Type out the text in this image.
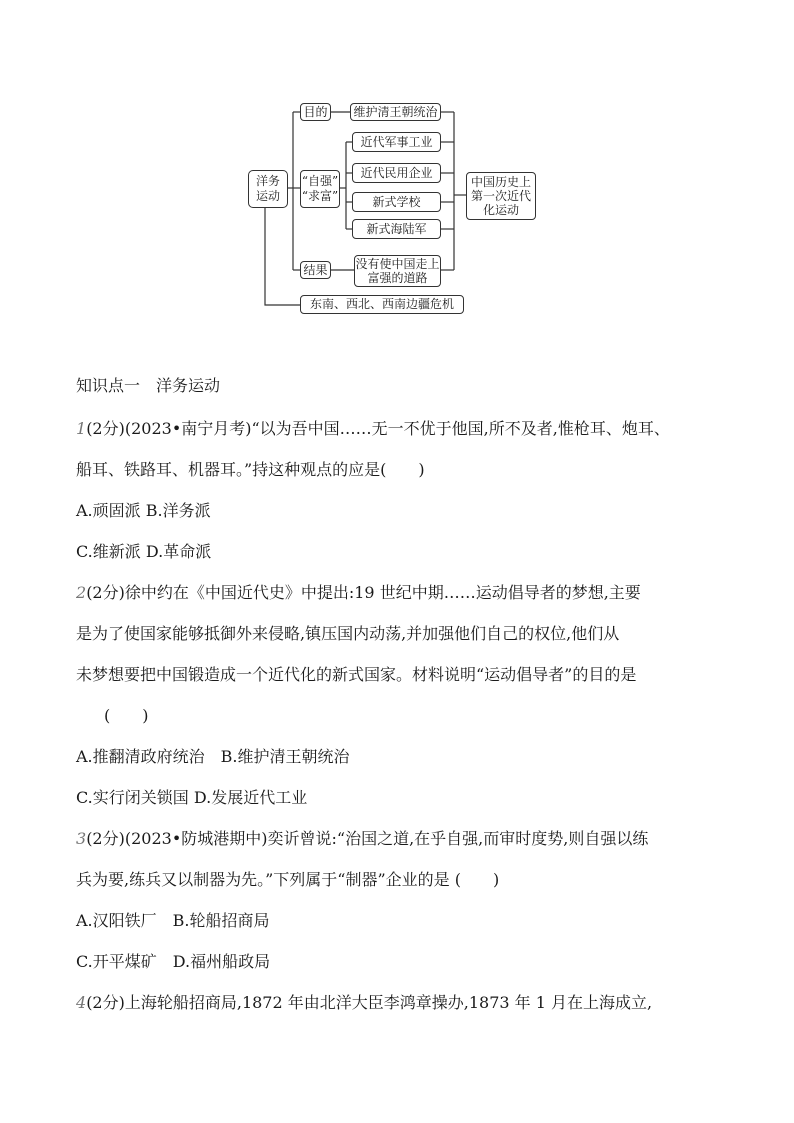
洋务
运动
目的
“自强”
“求富”
结果
维护清王朝统治
近代军事工业
近代民用企业
新式学校
新式海陆军
没有使中国走上
富强的道路
中国历史上
第一次近代
化运动
东南、西北、西南边疆危机
知识点一　洋务运动
1(2分)(2023•南宁月考)“以为吾中国……无一不优于他国,所不及者,惟枪耳、炮耳、
船耳、铁路耳、机器耳。”持这种观点的应是(　　)
A.顽固派 B.洋务派
C.维新派 D.革命派
2(2分)徐中约在《中国近代史》中提出:19 世纪中期……运动倡导者的梦想,主要
是为了使国家能够抵御外来侵略,镇压国内动荡,并加强他们自己的权位,他们从
未梦想要把中国锻造成一个近代化的新式国家。材料说明“运动倡导者”的目的是
(　　)
A.推翻清政府统治　B.维护清王朝统治
C.实行闭关锁国 D.发展近代工业
3(2分)(2023•防城港期中)奕䜣曾说:“治国之道,在乎自强,而审时度势,则自强以练
兵为要,练兵又以制器为先。”下列属于“制器”企业的是 (　　)
A.汉阳铁厂　B.轮船招商局
C.开平煤矿　D.福州船政局
4(2分)上海轮船招商局,1872 年由北洋大臣李鸿章操办,1873 年 1 月在上海成立,
